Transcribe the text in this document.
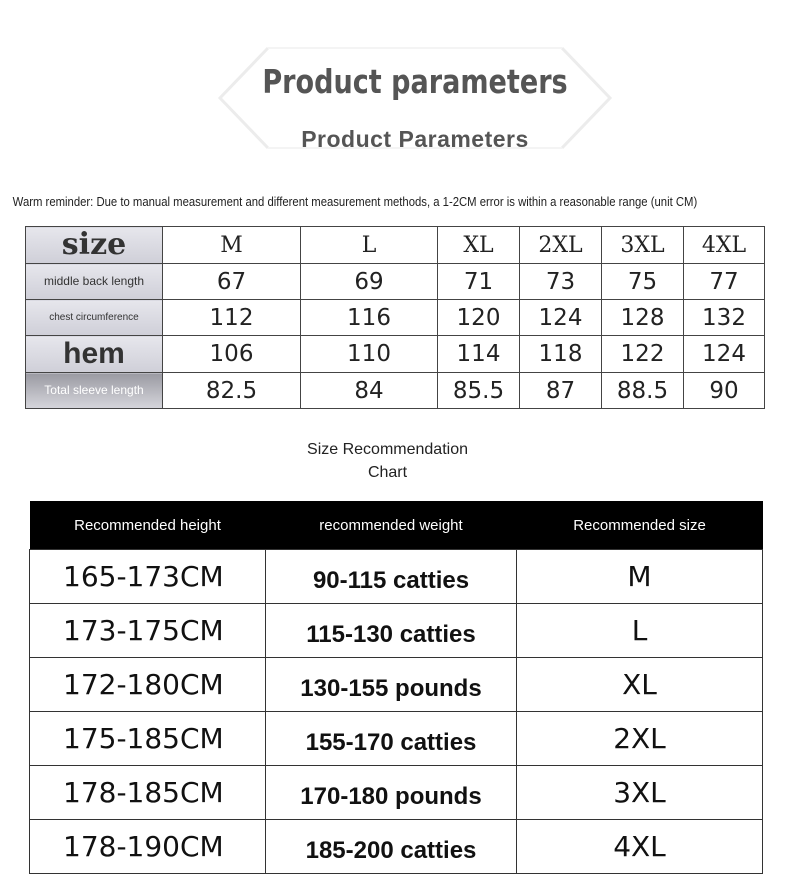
Product parameters
Product Parameters
Warm reminder: Due to manual measurement and different measurement methods, a 1-2CM error is within a reasonable range (unit CM)
size	M	L	XL	2XL	3XL	4XL
middle back length	67	69	71	73	75	77
chest circumference	112	116	120	124	128	132
hem	106	110	114	118	122	124
Total sleeve length	82.5	84	85.5	87	88.5	90
Size Recommendation
Chart
Recommended height	recommended weight	Recommended size
165-173CM	90-115 catties	M
173-175CM	115-130 catties	L
172-180CM	130-155 pounds	XL
175-185CM	155-170 catties	2XL
178-185CM	170-180 pounds	3XL
178-190CM	185-200 catties	4XL
